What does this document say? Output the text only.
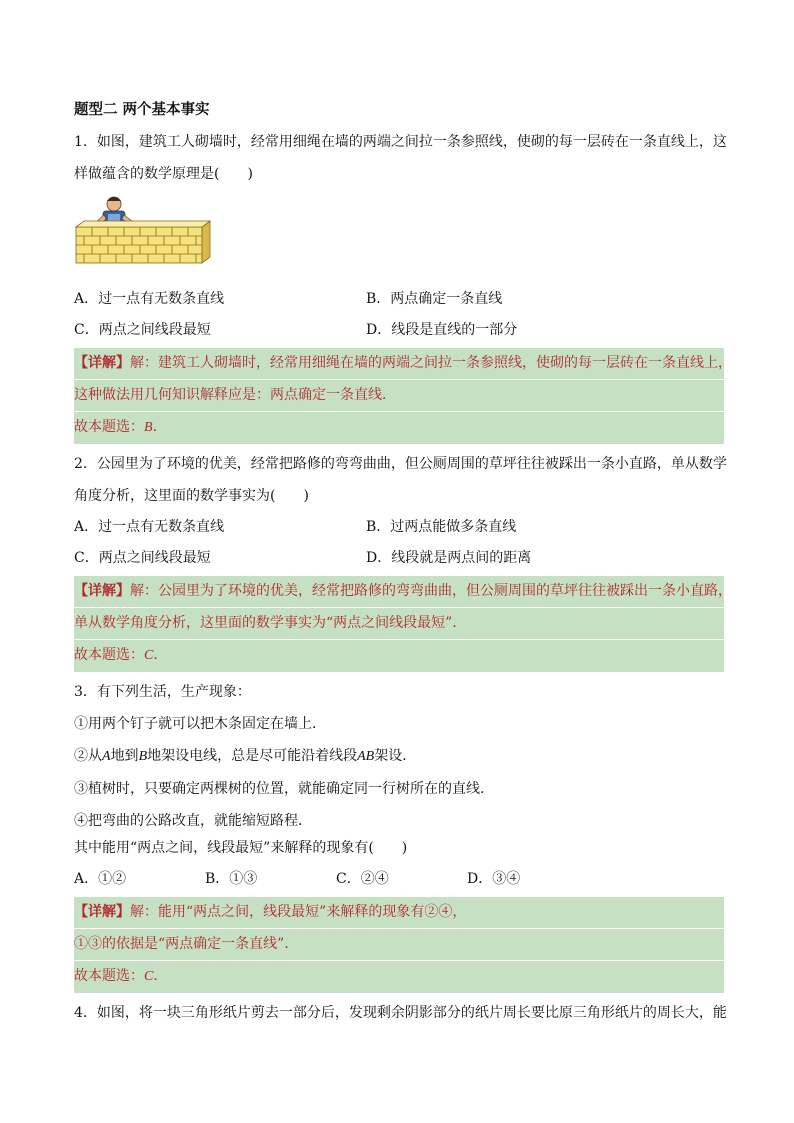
题型二 两个基本事实
1．如图，建筑工人砌墙时，经常用细绳在墙的两端之间拉一条参照线，使砌的每一层砖在一条直线上，这
样做蕴含的数学原理是(　　)
A．过一点有无数条直线	B．两点确定一条直线
C．两点之间线段最短	D．线段是直线的一部分
【详解】解：建筑工人砌墙时，经常用细绳在墙的两端之间拉一条参照线，使砌的每一层砖在一条直线上，
这种做法用几何知识解释应是：两点确定一条直线．
故本题选：B．
2．公园里为了环境的优美，经常把路修的弯弯曲曲，但公厕周围的草坪往往被踩出一条小直路，单从数学
角度分析，这里面的数学事实为(　　)
A．过一点有无数条直线	B．过两点能做多条直线
C．两点之间线段最短	D．线段就是两点间的距离
【详解】解：公园里为了环境的优美，经常把路修的弯弯曲曲，但公厕周围的草坪往往被踩出一条小直路，
单从数学角度分析，这里面的数学事实为“两点之间线段最短”．
故本题选：C．
3．有下列生活，生产现象：
①用两个钉子就可以把木条固定在墙上．
②从A地到B地架设电线，总是尽可能沿着线段AB架设．
③植树时，只要确定两棵树的位置，就能确定同一行树所在的直线．
④把弯曲的公路改直，就能缩短路程．
其中能用“两点之间，线段最短”来解释的现象有(　　)
A．①②	B．①③	C．②④	D．③④
【详解】解：能用“两点之间，线段最短”来解释的现象有②④，
①③的依据是“两点确定一条直线”．
故本题选：C．
4．如图，将一块三角形纸片剪去一部分后，发现剩余阴影部分的纸片周长要比原三角形纸片的周长大，能
